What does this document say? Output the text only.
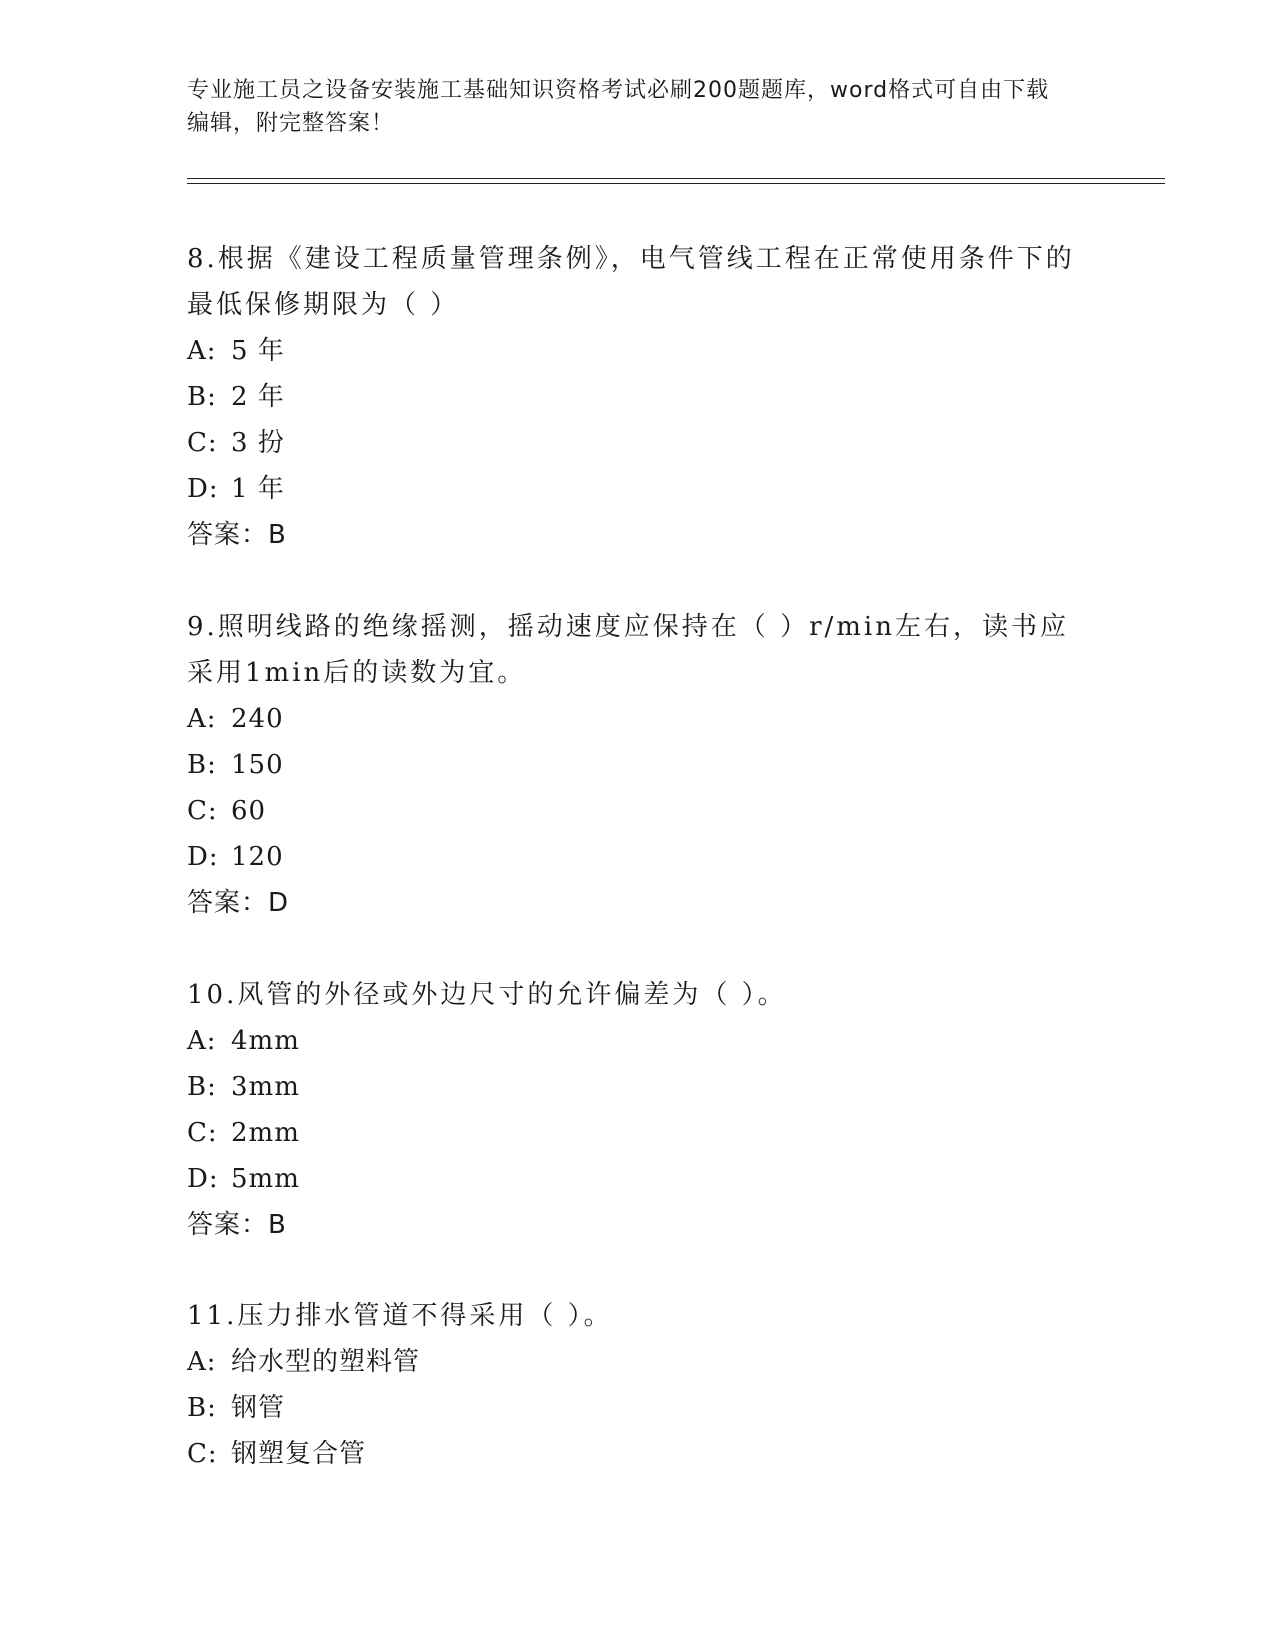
专业施工员之设备安装施工基础知识资格考试必刷200题题库，word格式可自由下载编辑，附完整答案！

8.根据《建设工程质量管理条例》，电气管线工程在正常使用条件下的最低保修期限为（ ）

A: 5 年

B: 2 年

C: 3 扮

D: 1 年

答案：B

9.照明线路的绝缘摇测，摇动速度应保持在（ ）r/min左右，读书应采用1min后的读数为宜。

A: 240

B: 150

C: 60

D: 120

答案：D

10.风管的外径或外边尺寸的允许偏差为（ ）。

A: 4mm

B: 3mm

C: 2mm

D: 5mm

答案：B

11.压力排水管道不得采用（ ）。

A: 给水型的塑料管

B: 钢管

C: 钢塑复合管
